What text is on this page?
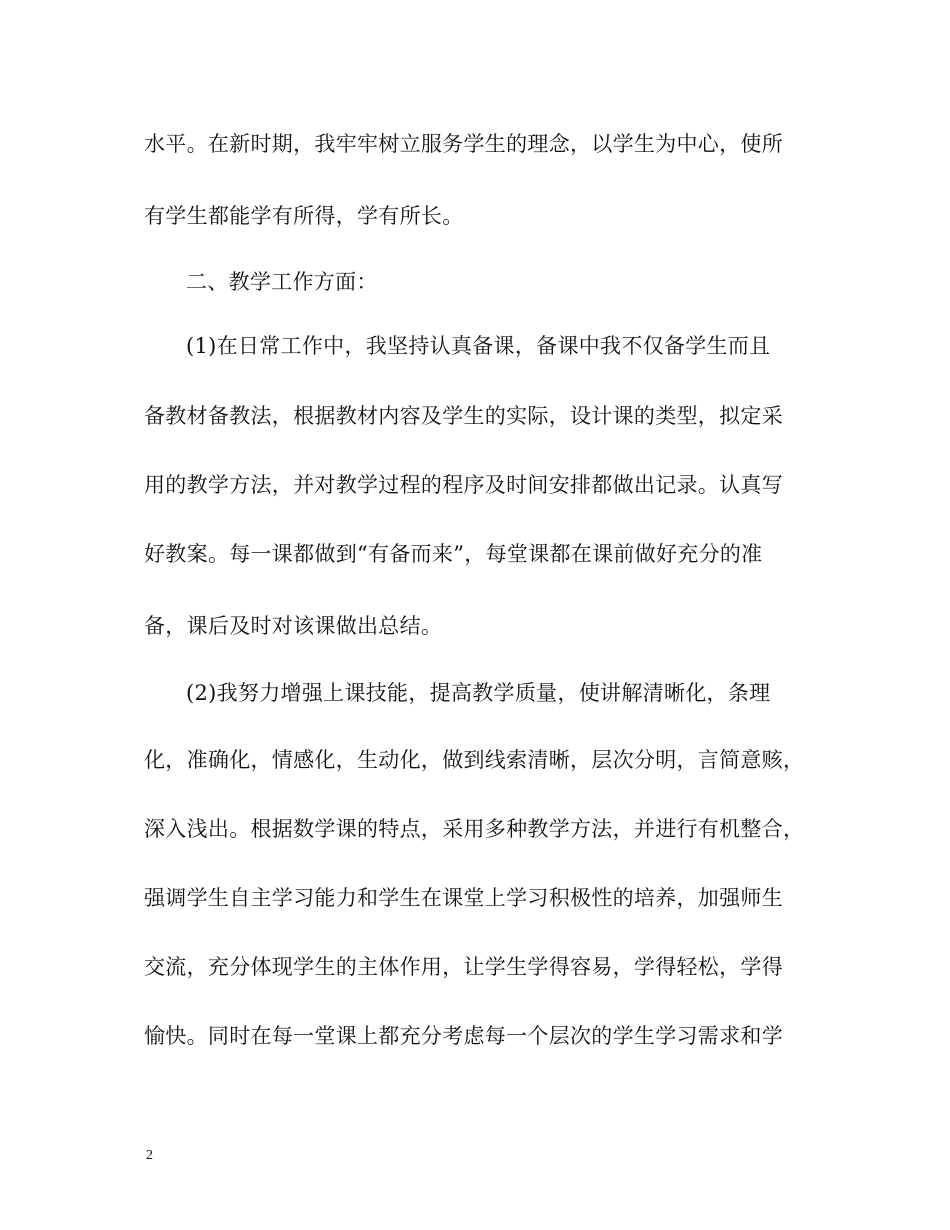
水平。在新时期，我牢牢树立服务学生的理念，以学生为中心，使所
有学生都能学有所得，学有所长。
二、教学工作方面：
(1)在日常工作中，我坚持认真备课，备课中我不仅备学生而且
备教材备教法，根据教材内容及学生的实际，设计课的类型，拟定采
用的教学方法，并对教学过程的程序及时间安排都做出记录。认真写
好教案。每一课都做到“有备而来”，每堂课都在课前做好充分的准
备，课后及时对该课做出总结。
(2)我努力增强上课技能，提高教学质量，使讲解清晰化，条理
化，准确化，情感化，生动化，做到线索清晰，层次分明，言简意赅，
深入浅出。根据数学课的特点，采用多种教学方法，并进行有机整合，
强调学生自主学习能力和学生在课堂上学习积极性的培养，加强师生
交流，充分体现学生的主体作用，让学生学得容易，学得轻松，学得
愉快。同时在每一堂课上都充分考虑每一个层次的学生学习需求和学
2
